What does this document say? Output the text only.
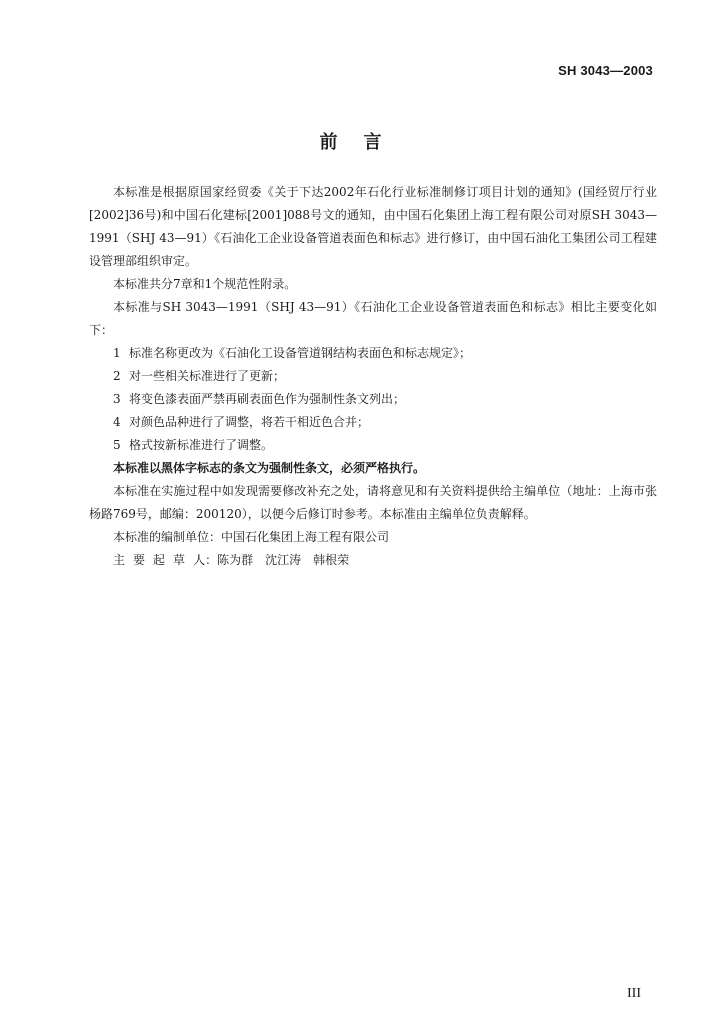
SH 3043—2003
前言

本标准是根据原国家经贸委《关于下达2002年石化行业标准制修订项目计划的通知》(国经贸厅行业[2002]36号)和中国石化建标[2001]088号文的通知，由中国石化集团上海工程有限公司对原SH 3043—1991（SHJ 43—91）《石油化工企业设备管道表面色和标志》进行修订，由中国石油化工集团公司工程建设管理部组织审定。

本标准共分7章和1个规范性附录。

本标准与SH 3043—1991（SHJ 43—91）《石油化工企业设备管道表面色和标志》相比主要变化如下：

1 标准名称更改为《石油化工设备管道钢结构表面色和标志规定》；
2 对一些相关标准进行了更新；
3 将变色漆表面严禁再刷表面色作为强制性条文列出；
4 对颜色品种进行了调整，将若干相近色合并；
5 格式按新标准进行了调整。

本标准以黑体字标志的条文为强制性条文，必须严格执行。

本标准在实施过程中如发现需要修改补充之处，请将意见和有关资料提供给主编单位（地址：上海市张杨路769号，邮编：200120），以便今后修订时参考。本标准由主编单位负责解释。

本标准的编制单位：中国石化集团上海工程有限公司

主 要 起 草 人：陈为群　沈江涛　韩根荣

III
